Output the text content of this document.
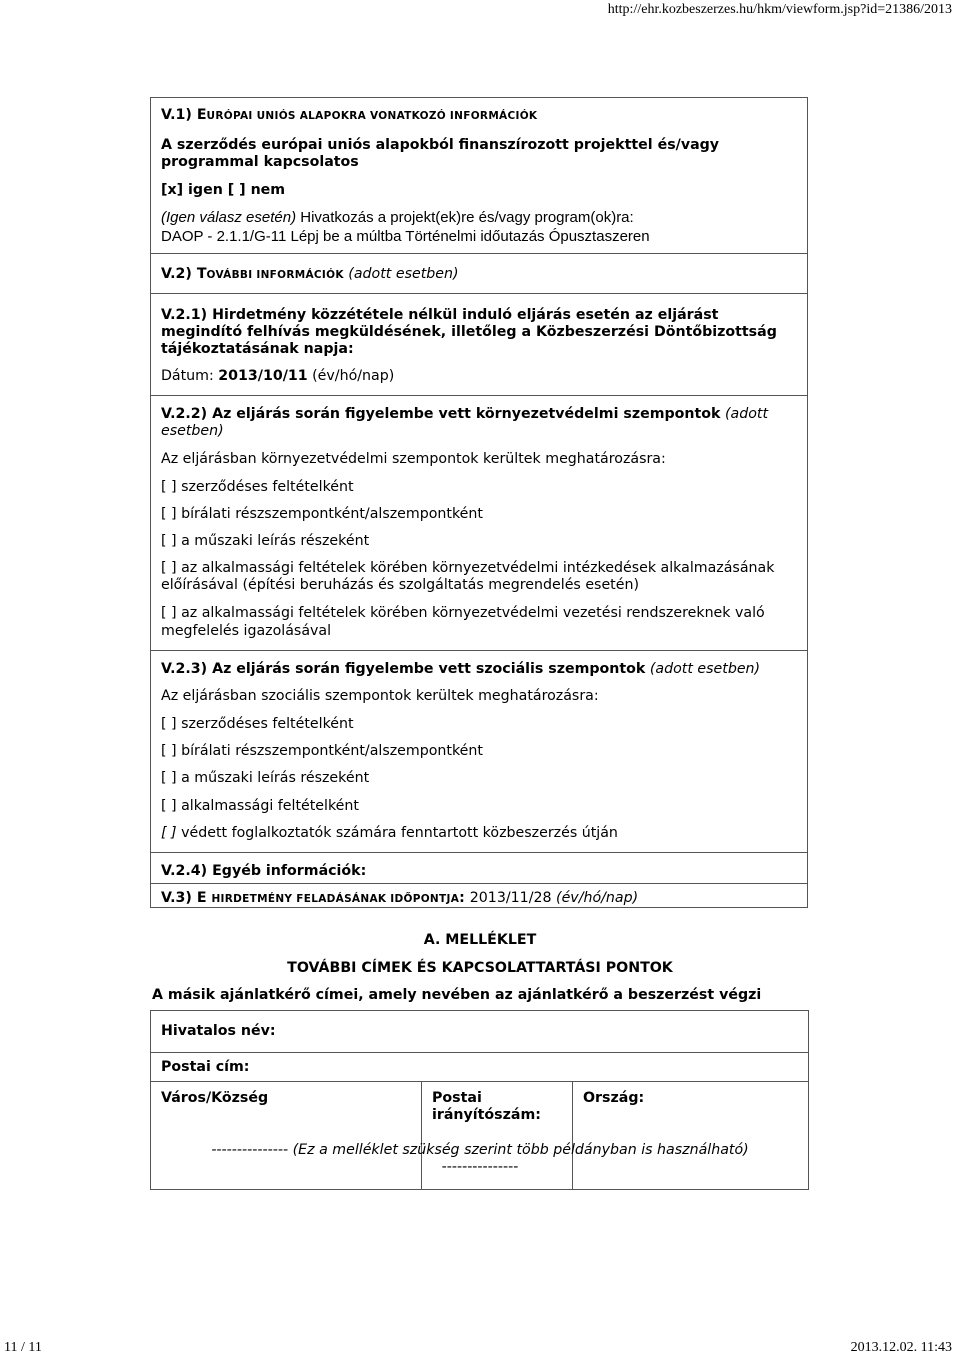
http://ehr.kozbeszerzes.hu/hkm/viewform.jsp?id=21386/2013
V.1) EURÓPAI UNIÓS ALAPOKRA VONATKOZÓ INFORMÁCIÓK
A szerződés európai uniós alapokból finanszírozott projekttel és/vagy
programmal kapcsolatos
[x] igen [ ] nem
(Igen válasz esetén) Hivatkozás a projekt(ek)re és/vagy program(ok)ra:
DAOP - 2.1.1/G-11 Lépj be a múltba Történelmi időutazás Ópusztaszeren
V.2) TOVÁBBI INFORMÁCIÓK (adott esetben)
V.2.1) Hirdetmény közzététele nélkül induló eljárás esetén az eljárást
megindító felhívás megküldésének, illetőleg a Közbeszerzési Döntőbizottság
tájékoztatásának napja:
Dátum: 2013/10/11 (év/hó/nap)
V.2.2) Az eljárás során figyelembe vett környezetvédelmi szempontok (adott
esetben)
Az eljárásban környezetvédelmi szempontok kerültek meghatározásra:
[ ] szerződéses feltételként
[ ] bírálati részszempontként/alszempontként
[ ] a műszaki leírás részeként
[ ] az alkalmassági feltételek körében környezetvédelmi intézkedések alkalmazásának
előírásával (építési beruházás és szolgáltatás megrendelés esetén)
[ ] az alkalmassági feltételek körében környezetvédelmi vezetési rendszereknek való
megfelelés igazolásával
V.2.3) Az eljárás során figyelembe vett szociális szempontok (adott esetben)
Az eljárásban szociális szempontok kerültek meghatározásra:
[ ] szerződéses feltételként
[ ] bírálati részszempontként/alszempontként
[ ] a műszaki leírás részeként
[ ] alkalmassági feltételként
[ ] védett foglalkoztatók számára fenntartott közbeszerzés útján
V.2.4) Egyéb információk:
V.3) E HIRDETMÉNY FELADÁSÁNAK IDŐPONTJA: 2013/11/28 (év/hó/nap)
A. MELLÉKLET
TOVÁBBI CÍMEK ÉS KAPCSOLATTARTÁSI PONTOK
A másik ajánlatkérő címei, amely nevében az ajánlatkérő a beszerzést végzi
Hivatalos név:
Postai cím:
Város/Község	Postai
irányítószám:
Ország:
--------------- (Ez a melléklet szükség szerint több példányban is használható)
---------------
11 / 11	2013.12.02. 11:43
